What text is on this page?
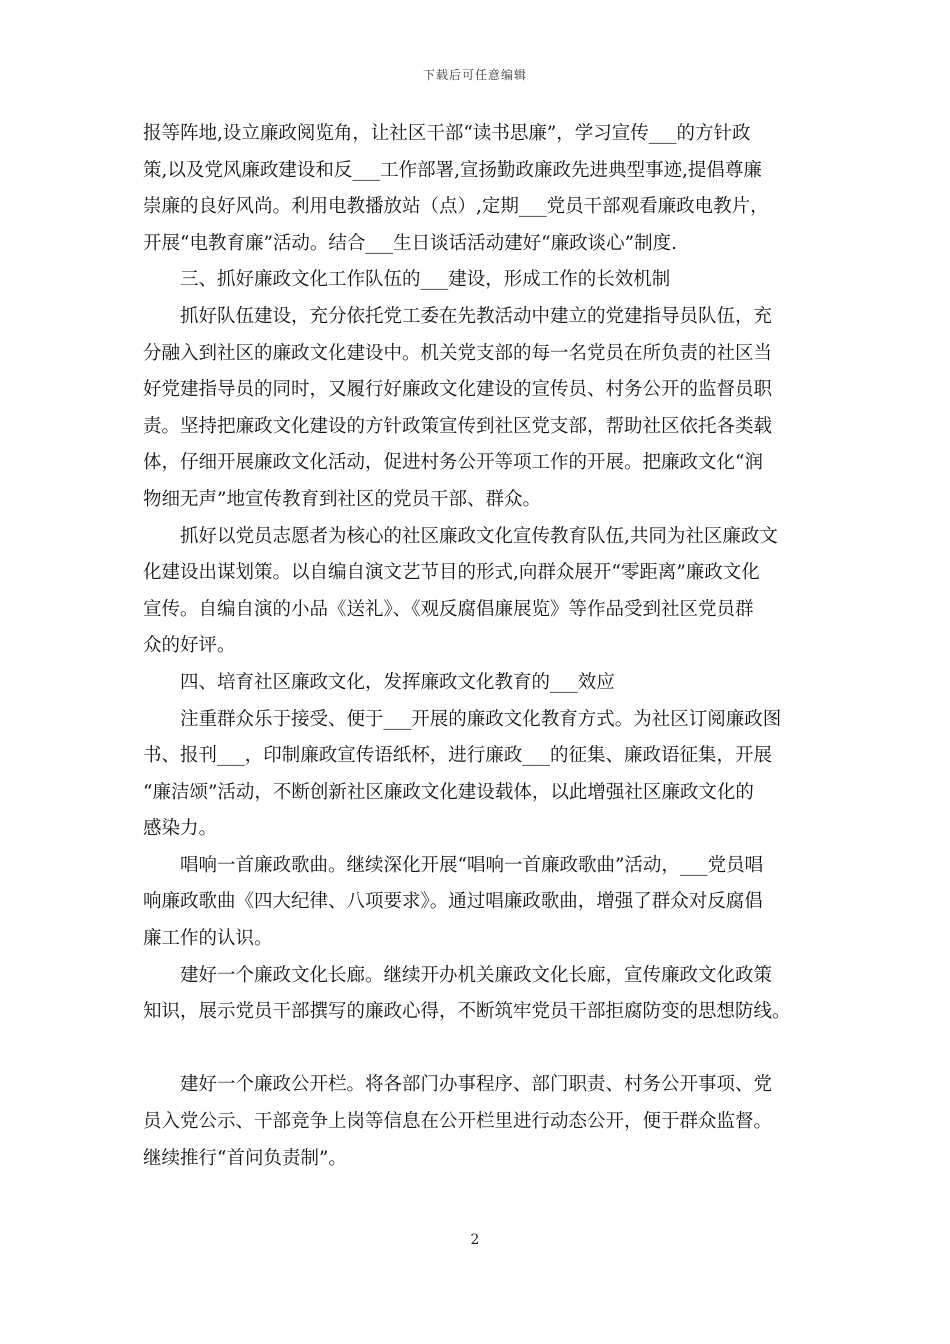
下载后可任意编辑
报等阵地,设立廉政阅览角，让社区干部“读书思廉”，学习宣传___的方针政
策,以及党风廉政建设和反___工作部署,宣扬勤政廉政先进典型事迹,提倡尊廉
崇廉的良好风尚。利用电教播放站（点）,定期___党员干部观看廉政电教片，
开展“电教育廉”活动。结合___生日谈话活动建好“廉政谈心”制度.
　　三、抓好廉政文化工作队伍的___建设，形成工作的长效机制
　　抓好队伍建设，充分依托党工委在先教活动中建立的党建指导员队伍，充
分融入到社区的廉政文化建设中。机关党支部的每一名党员在所负责的社区当
好党建指导员的同时，又履行好廉政文化建设的宣传员、村务公开的监督员职
责。坚持把廉政文化建设的方针政策宣传到社区党支部，帮助社区依托各类载
体，仔细开展廉政文化活动，促进村务公开等项工作的开展。把廉政文化“润
物细无声”地宣传教育到社区的党员干部、群众。
　　抓好以党员志愿者为核心的社区廉政文化宣传教育队伍,共同为社区廉政文
化建设出谋划策。以自编自演文艺节目的形式,向群众展开“零距离”廉政文化
宣传。自编自演的小品《送礼》、《观反腐倡廉展览》等作品受到社区党员群
众的好评。
　　四、培育社区廉政文化，发挥廉政文化教育的___效应
　　注重群众乐于接受、便于___开展的廉政文化教育方式。为社区订阅廉政图
书、报刊___，印制廉政宣传语纸杯，进行廉政___的征集、廉政语征集，开展
“廉洁颂”活动，不断创新社区廉政文化建设载体，以此增强社区廉政文化的
感染力。
　　唱响一首廉政歌曲。继续深化开展“唱响一首廉政歌曲”活动，___党员唱
响廉政歌曲《四大纪律、八项要求》。通过唱廉政歌曲，增强了群众对反腐倡
廉工作的认识。
　　建好一个廉政文化长廊。继续开办机关廉政文化长廊，宣传廉政文化政策
知识，展示党员干部撰写的廉政心得，不断筑牢党员干部拒腐防变的思想防线。

　　建好一个廉政公开栏。将各部门办事程序、部门职责、村务公开事项、党
员入党公示、干部竞争上岗等信息在公开栏里进行动态公开，便于群众监督。
继续推行“首问负责制”。
2
